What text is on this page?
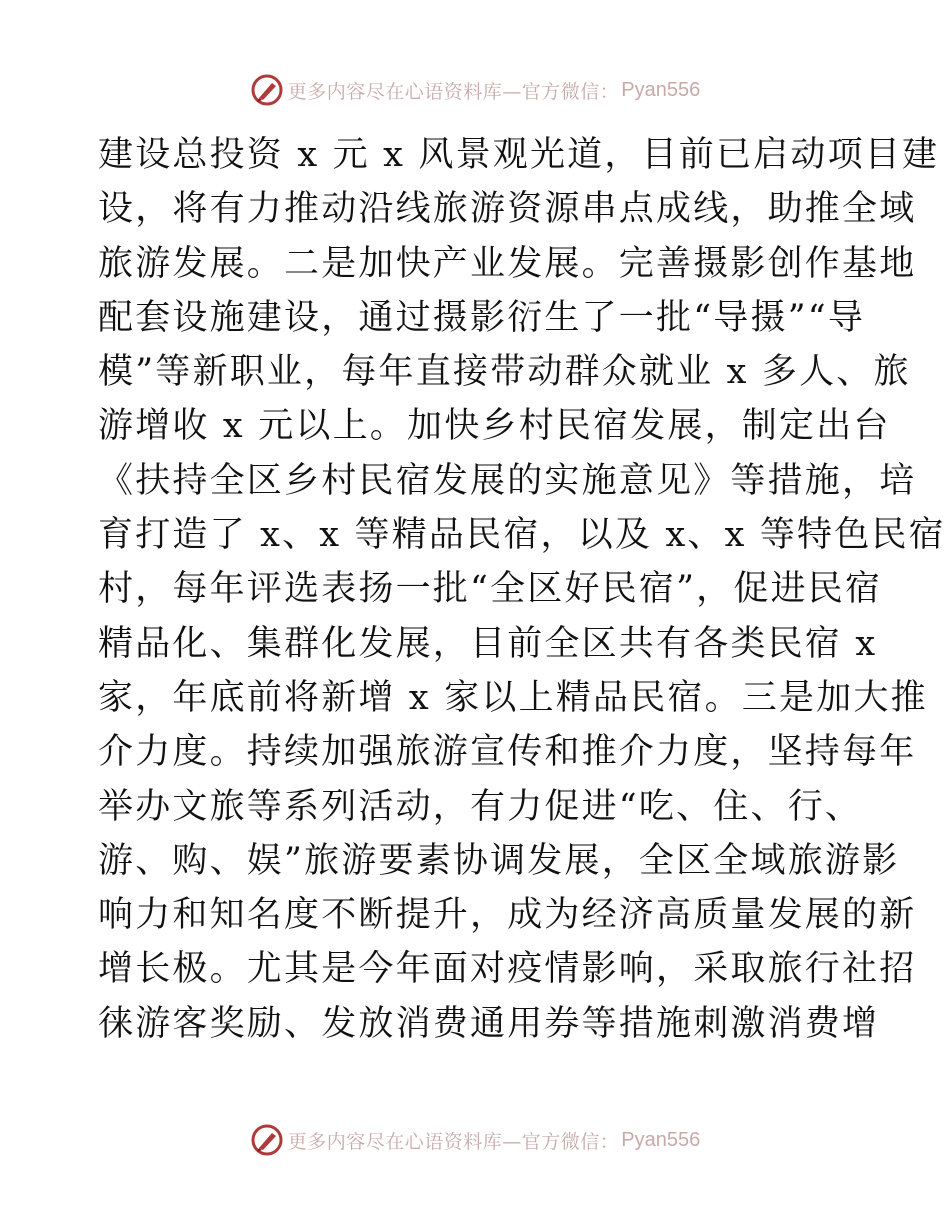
更多内容尽在心语资料库—官方微信： Pyan556
建设总投资 x 元 x 风景观光道，目前已启动项目建
设，将有力推动沿线旅游资源串点成线，助推全域
旅游发展。二是加快产业发展。完善摄影创作基地
配套设施建设，通过摄影衍生了一批“导摄”“导
模”等新职业，每年直接带动群众就业 x 多人、旅
游增收 x 元以上。加快乡村民宿发展，制定出台
《扶持全区乡村民宿发展的实施意见》等措施，培
育打造了 x、x 等精品民宿，以及 x、x 等特色民宿
村，每年评选表扬一批“全区好民宿”，促进民宿
精品化、集群化发展，目前全区共有各类民宿 x
家，年底前将新增 x 家以上精品民宿。三是加大推
介力度。持续加强旅游宣传和推介力度，坚持每年
举办文旅等系列活动，有力促进“吃、住、行、
游、购、娱”旅游要素协调发展，全区全域旅游影
响力和知名度不断提升，成为经济高质量发展的新
增长极。尤其是今年面对疫情影响，采取旅行社招
徕游客奖励、发放消费通用券等措施刺激消费增
更多内容尽在心语资料库—官方微信： Pyan556
